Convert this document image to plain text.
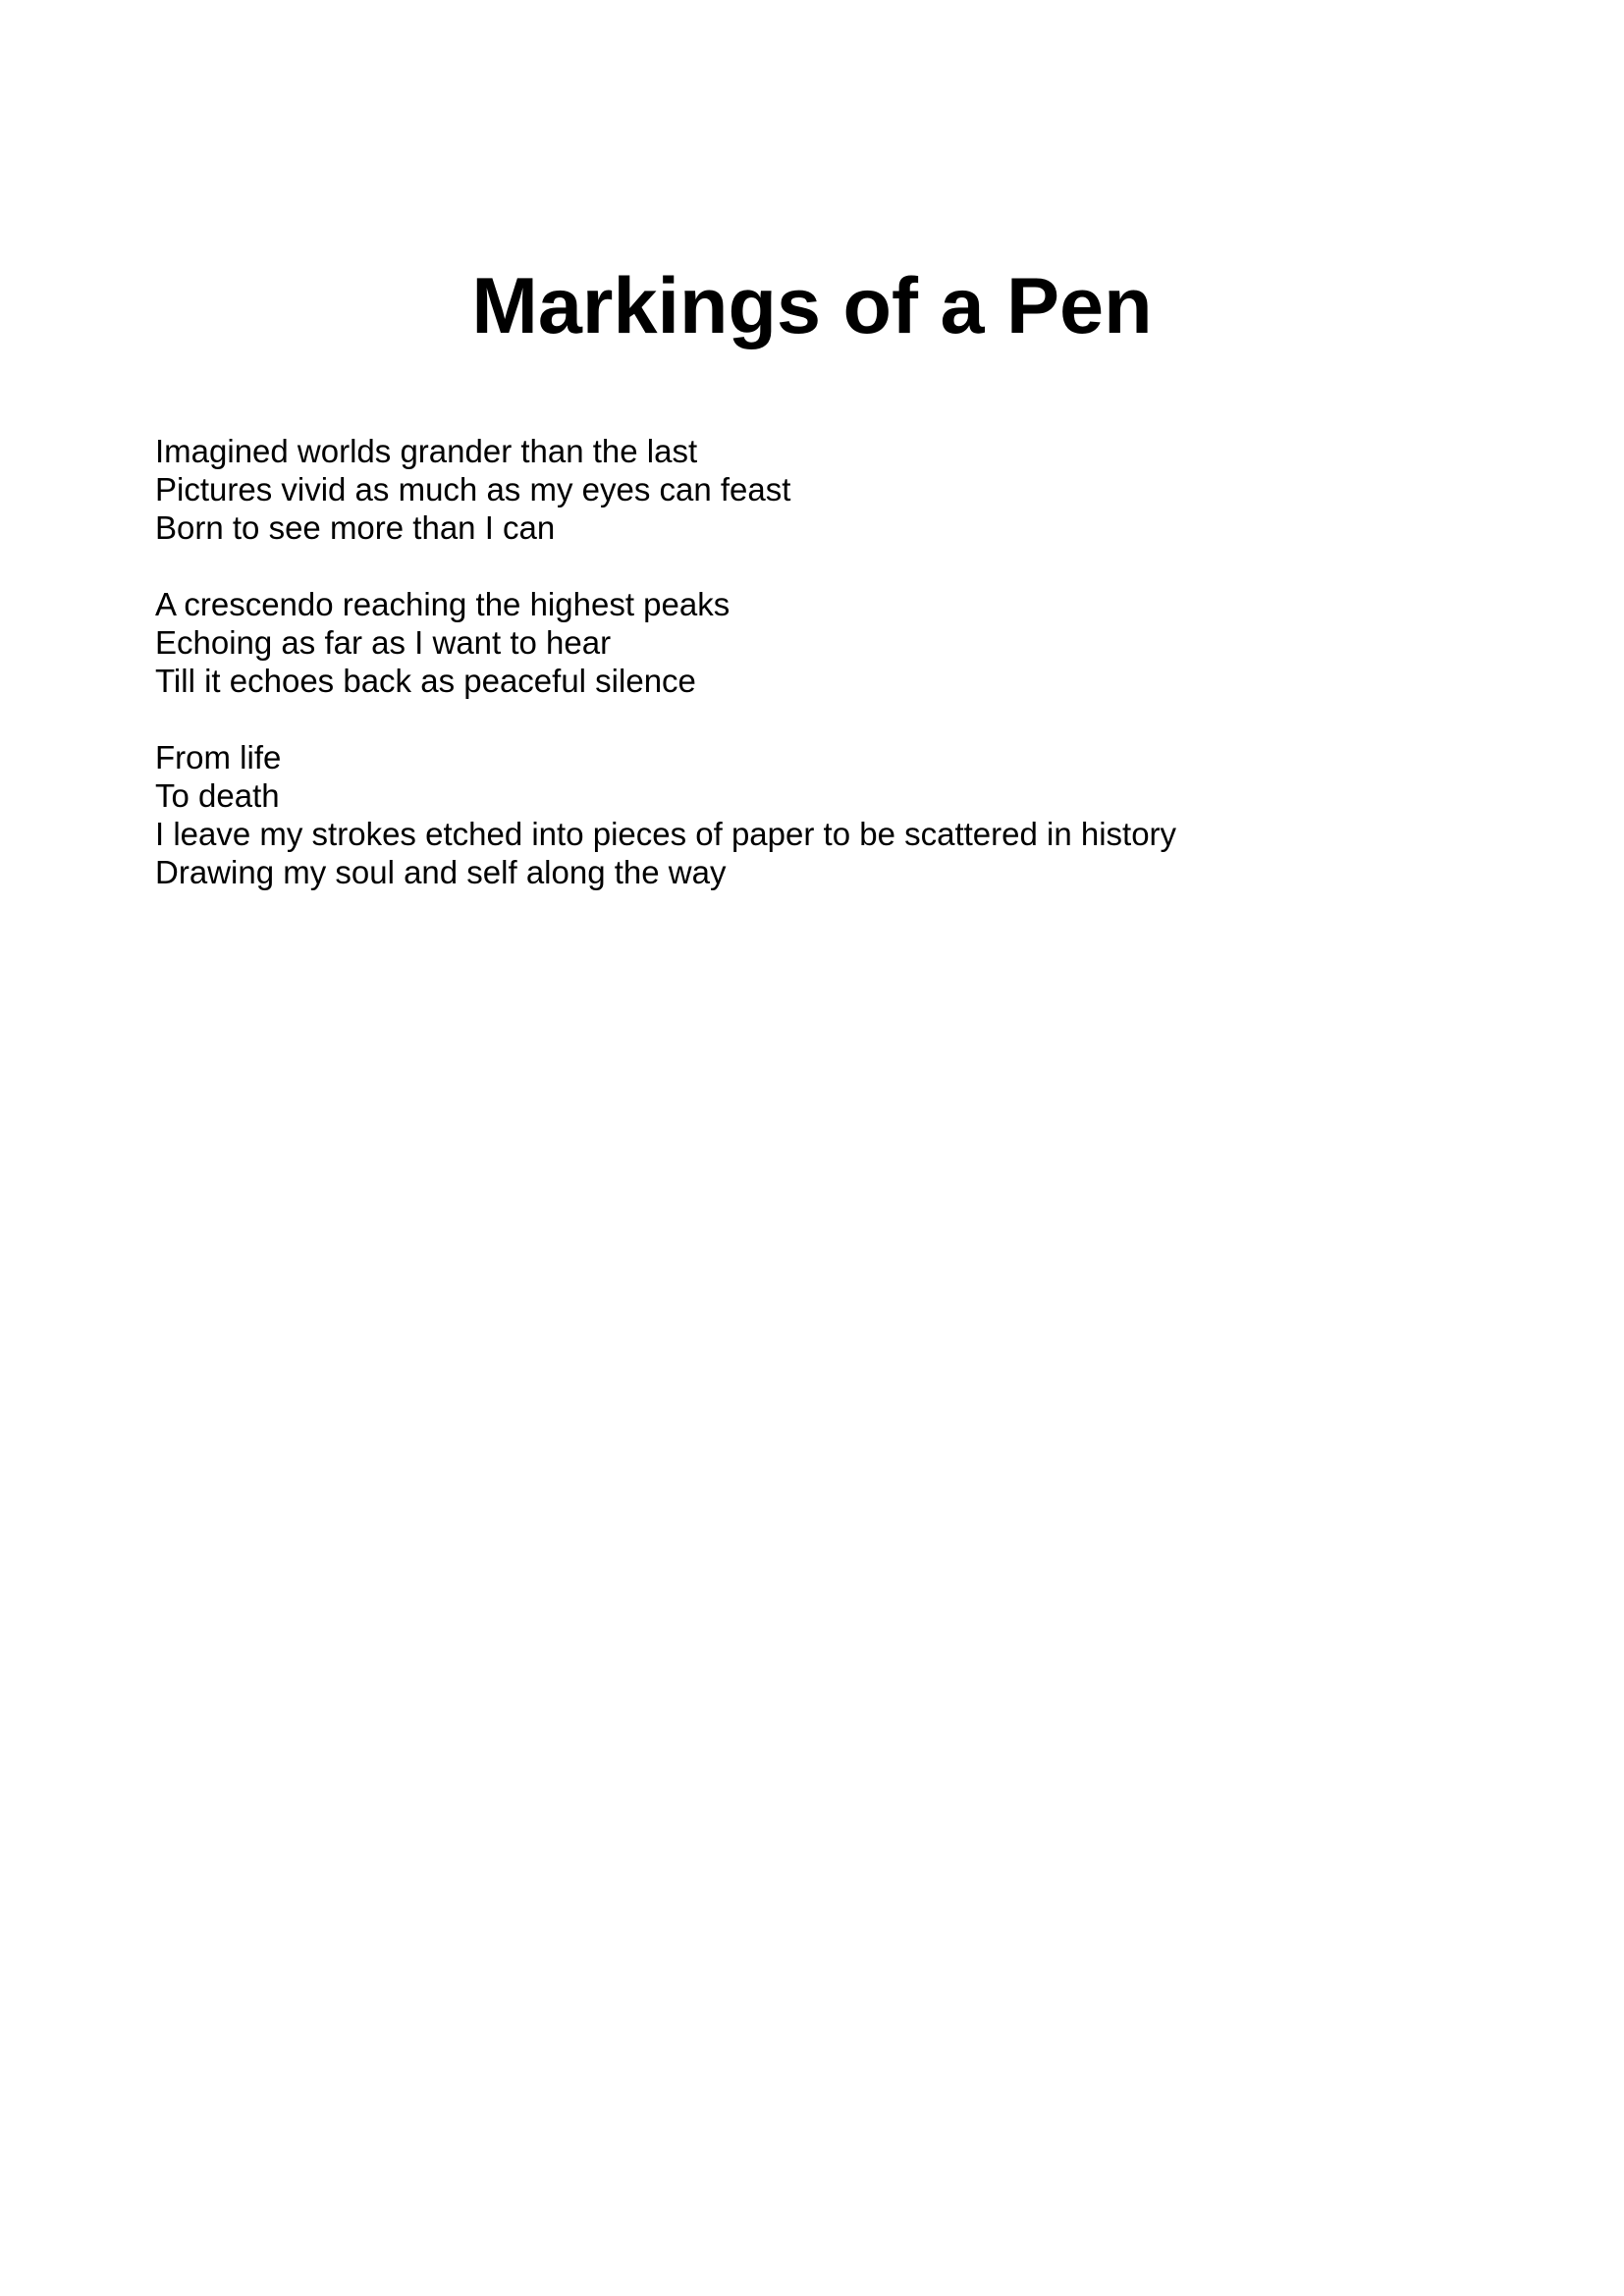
Markings of a Pen
Imagined worlds grander than the last
Pictures vivid as much as my eyes can feast
Born to see more than I can
A crescendo reaching the highest peaks
Echoing as far as I want to hear
Till it echoes back as peaceful silence
From life
To death
I leave my strokes etched into pieces of paper to be scattered in history
Drawing my soul and self along the way
